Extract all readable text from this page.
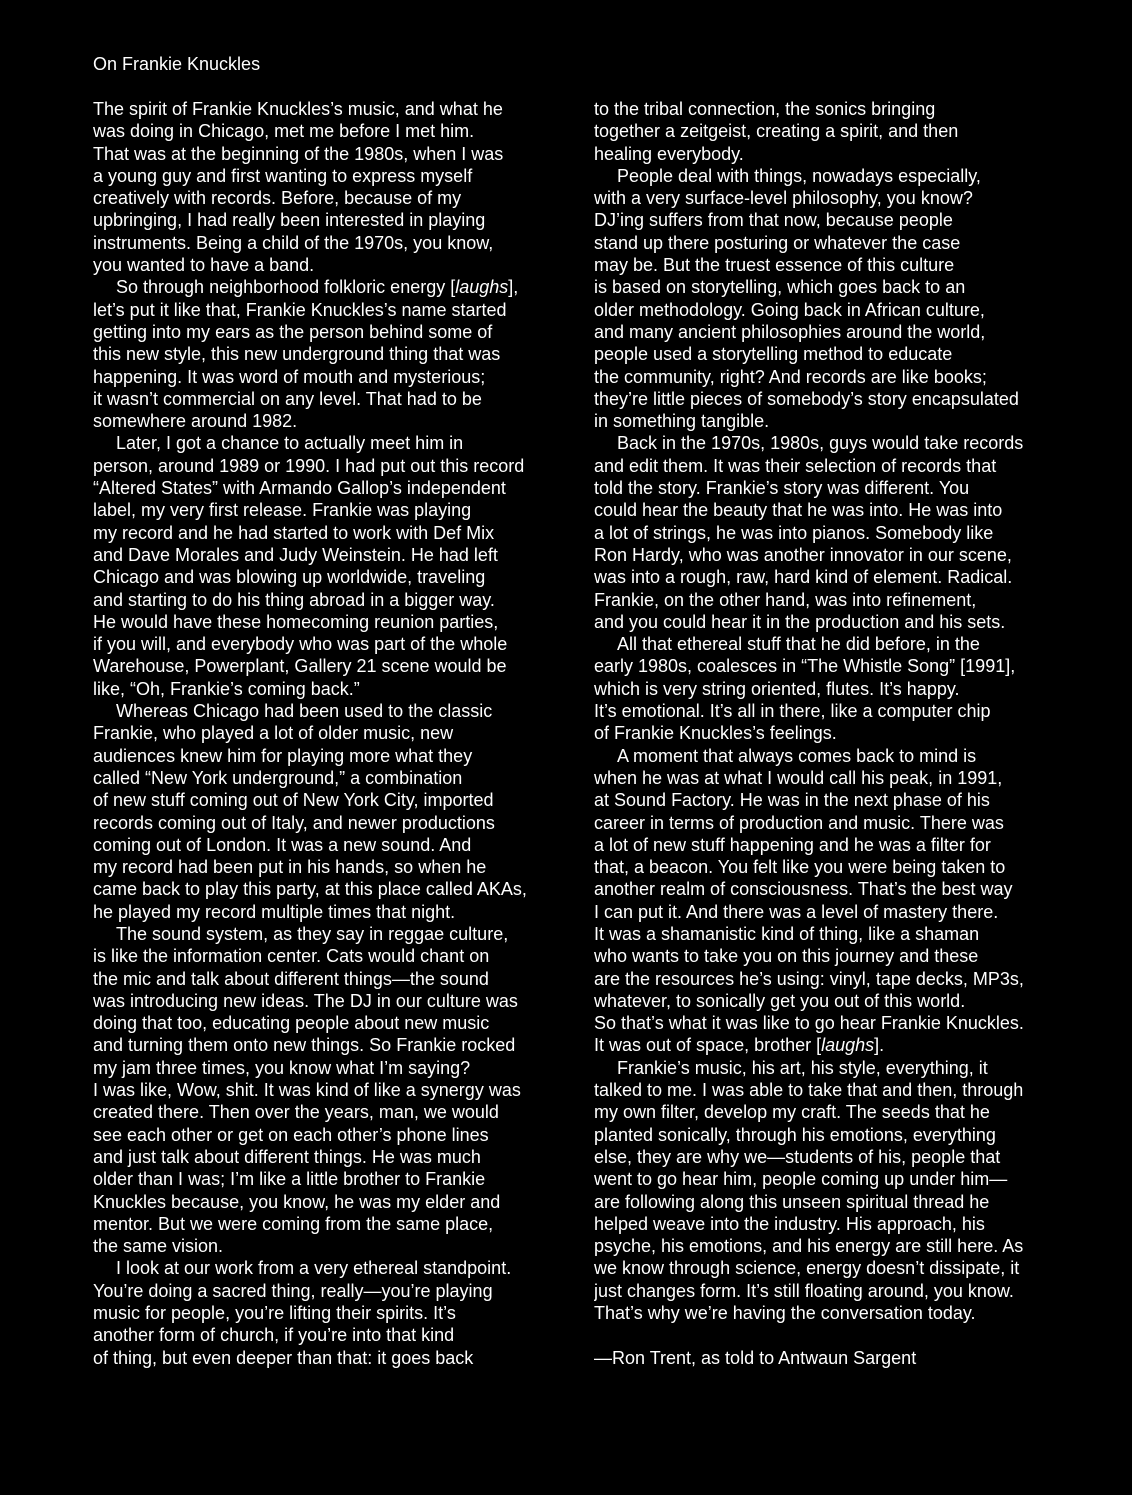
On Frankie Knuckles
The spirit of Frankie Knuckles’s music, and what he
was doing in Chicago, met me before I met him.
That was at the beginning of the 1980s, when I was
a young guy and first wanting to express myself
creatively with records. Before, because of my
upbringing, I had really been interested in playing
instruments. Being a child of the 1970s, you know,
you wanted to have a band.
So through neighborhood folkloric energy [laughs],
let’s put it like that, Frankie Knuckles’s name started
getting into my ears as the person behind some of
this new style, this new underground thing that was
happening. It was word of mouth and mysterious;
it wasn’t commercial on any level. That had to be
somewhere around 1982.
Later, I got a chance to actually meet him in
person, around 1989 or 1990. I had put out this record
“Altered States” with Armando Gallop’s independent
label, my very first release. Frankie was playing
my record and he had started to work with Def Mix
and Dave Morales and Judy Weinstein. He had left
Chicago and was blowing up worldwide, traveling
and starting to do his thing abroad in a bigger way.
He would have these homecoming reunion parties,
if you will, and everybody who was part of the whole
Warehouse, Powerplant, Gallery 21 scene would be
like, “Oh, Frankie’s coming back.”
Whereas Chicago had been used to the classic
Frankie, who played a lot of older music, new
audiences knew him for playing more what they
called “New York underground,” a combination
of new stuff coming out of New York City, imported
records coming out of Italy, and newer productions
coming out of London. It was a new sound. And
my record had been put in his hands, so when he
came back to play this party, at this place called AKAs,
he played my record multiple times that night.
The sound system, as they say in reggae culture,
is like the information center. Cats would chant on
the mic and talk about different things—the sound
was introducing new ideas. The DJ in our culture was
doing that too, educating people about new music
and turning them onto new things. So Frankie rocked
my jam three times, you know what I’m saying?
I was like, Wow, shit. It was kind of like a synergy was
created there. Then over the years, man, we would
see each other or get on each other’s phone lines
and just talk about different things. He was much
older than I was; I’m like a little brother to Frankie
Knuckles because, you know, he was my elder and
mentor. But we were coming from the same place,
the same vision.
I look at our work from a very ethereal standpoint.
You’re doing a sacred thing, really—you’re playing
music for people, you’re lifting their spirits. It’s
another form of church, if you’re into that kind
of thing, but even deeper than that: it goes back
to the tribal connection, the sonics bringing
together a zeitgeist, creating a spirit, and then
healing everybody.
People deal with things, nowadays especially,
with a very surface-level philosophy, you know?
DJ’ing suffers from that now, because people
stand up there posturing or whatever the case
may be. But the truest essence of this culture
is based on storytelling, which goes back to an
older methodology. Going back in African culture,
and many ancient philosophies around the world,
people used a storytelling method to educate
the community, right? And records are like books;
they’re little pieces of somebody’s story encapsulated
in something tangible.
Back in the 1970s, 1980s, guys would take records
and edit them. It was their selection of records that
told the story. Frankie’s story was different. You
could hear the beauty that he was into. He was into
a lot of strings, he was into pianos. Somebody like
Ron Hardy, who was another innovator in our scene,
was into a rough, raw, hard kind of element. Radical.
Frankie, on the other hand, was into refinement,
and you could hear it in the production and his sets.
All that ethereal stuff that he did before, in the
early 1980s, coalesces in “The Whistle Song” [1991],
which is very string oriented, flutes. It’s happy.
It’s emotional. It’s all in there, like a computer chip
of Frankie Knuckles’s feelings.
A moment that always comes back to mind is
when he was at what I would call his peak, in 1991,
at Sound Factory. He was in the next phase of his
career in terms of production and music. There was
a lot of new stuff happening and he was a filter for
that, a beacon. You felt like you were being taken to
another realm of consciousness. That’s the best way
I can put it. And there was a level of mastery there.
It was a shamanistic kind of thing, like a shaman
who wants to take you on this journey and these
are the resources he’s using: vinyl, tape decks, MP3s,
whatever, to sonically get you out of this world.
So that’s what it was like to go hear Frankie Knuckles.
It was out of space, brother [laughs].
Frankie’s music, his art, his style, everything, it
talked to me. I was able to take that and then, through
my own filter, develop my craft. The seeds that he
planted sonically, through his emotions, everything
else, they are why we—students of his, people that
went to go hear him, people coming up under him—
are following along this unseen spiritual thread he
helped weave into the industry. His approach, his
psyche, his emotions, and his energy are still here. As
we know through science, energy doesn’t dissipate, it
just changes form. It’s still floating around, you know.
That’s why we’re having the conversation today.
—Ron Trent, as told to Antwaun Sargent
